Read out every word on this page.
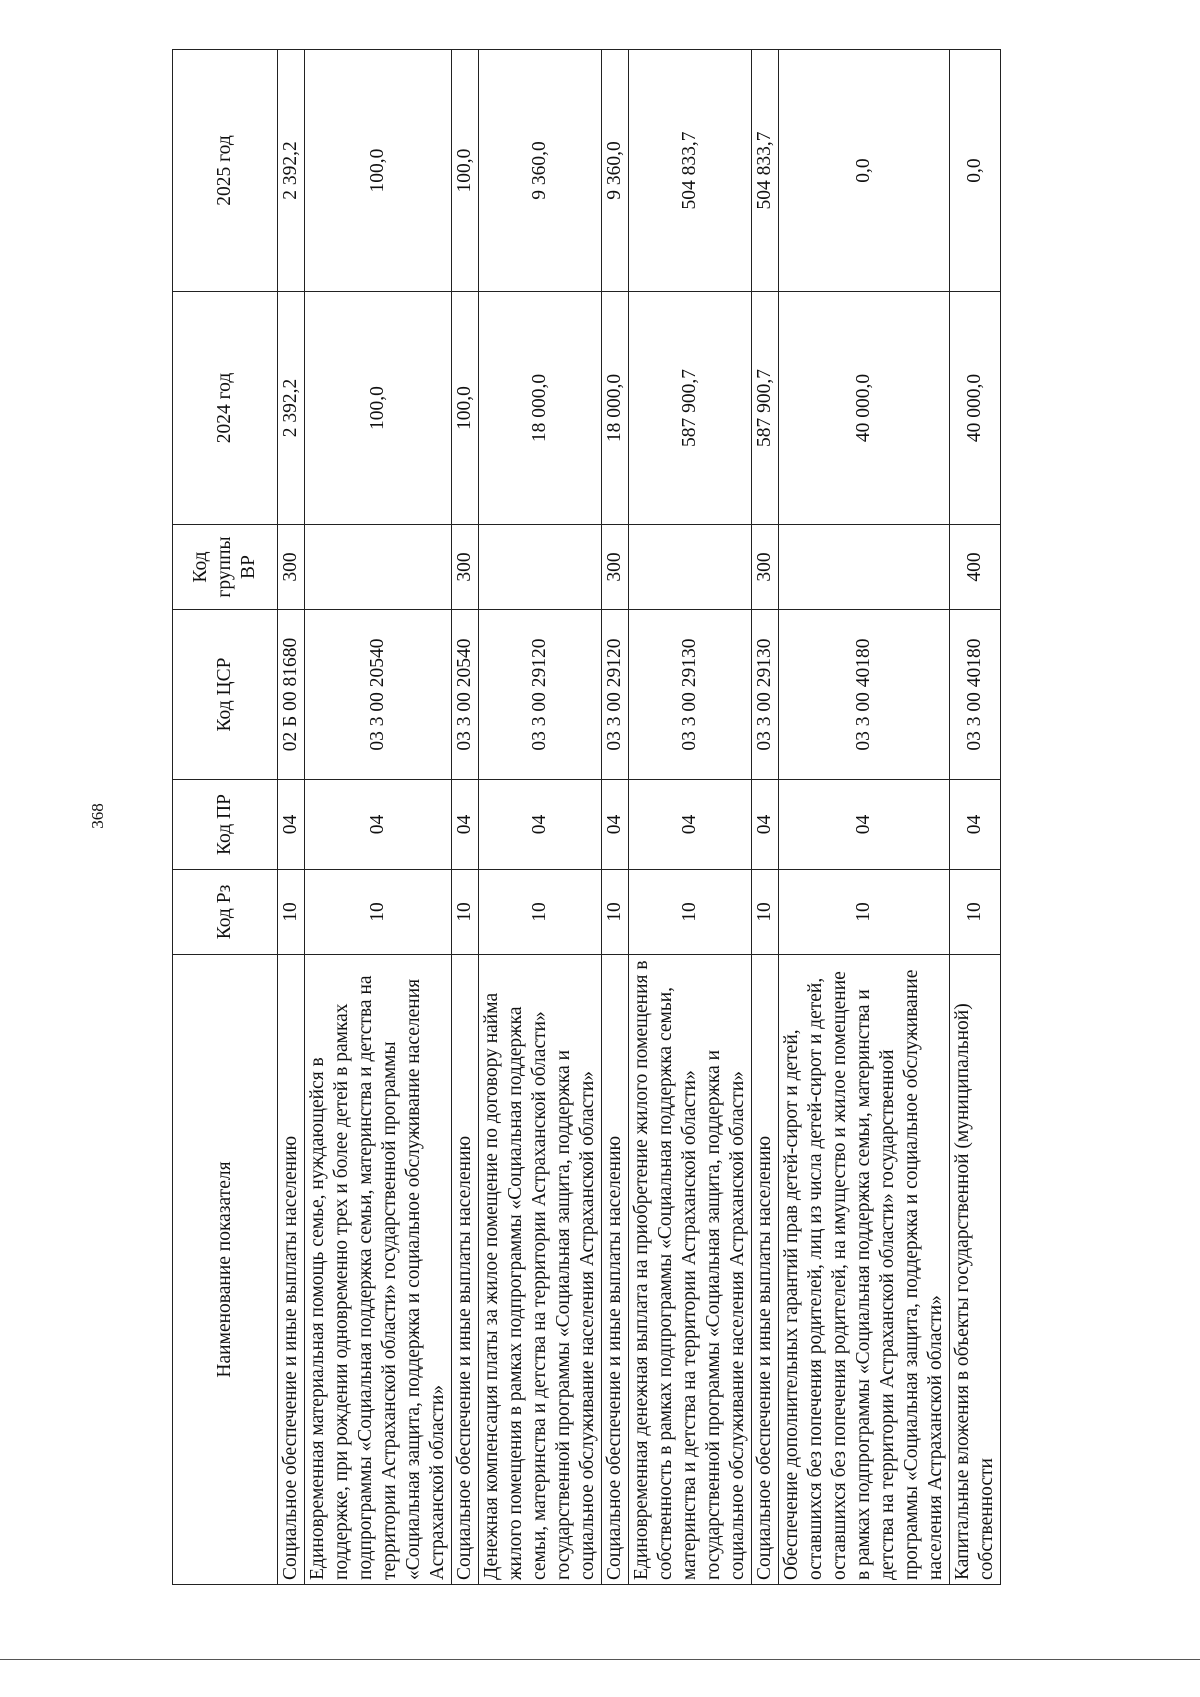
368
Наименование показателя	Код Рз	Код ПР	Код ЦСР	Код группы ВР	2024 год	2025 год
Социальное обеспечение и иные выплаты населению	10	04	02 Б 00 81680	300	2 392,2	2 392,2
Единовременная материальная помощь семье, нуждающейся в поддержке, при рождении одновременно трех и более детей в рамках подпрограммы «Социальная поддержка семьи, материнства и детства на территории Астраханской области» государственной программы «Социальная защита, поддержка и социальное обслуживание населения Астраханской области»	10	04	03 3 00 20540		100,0	100,0
Социальное обеспечение и иные выплаты населению	10	04	03 3 00 20540	300	100,0	100,0
Денежная компенсация платы за жилое помещение по договору найма жилого помещения в рамках подпрограммы «Социальная поддержка семьи, материнства и детства на территории Астраханской области» государственной программы «Социальная защита, поддержка и социальное обслуживание населения Астраханской области»	10	04	03 3 00 29120		18 000,0	9 360,0
Социальное обеспечение и иные выплаты населению	10	04	03 3 00 29120	300	18 000,0	9 360,0
Единовременная денежная выплата на приобретение жилого помещения в собственность в рамках подпрограммы «Социальная поддержка семьи, материнства и детства на территории Астраханской области» государственной программы «Социальная защита, поддержка и социальное обслуживание населения Астраханской области»	10	04	03 3 00 29130		587 900,7	504 833,7
Социальное обеспечение и иные выплаты населению	10	04	03 3 00 29130	300	587 900,7	504 833,7
Обеспечение дополнительных гарантий прав детей-сирот и детей, оставшихся без попечения родителей, лиц из числа детей-сирот и детей, оставшихся без попечения родителей, на имущество и жилое помещение в рамках подпрограммы «Социальная поддержка семьи, материнства и детства на территории Астраханской области» государственной программы «Социальная защита, поддержка и социальное обслуживание населения Астраханской области»	10	04	03 3 00 40180		40 000,0	0,0
Капитальные вложения в объекты государственной (муниципальной) собственности	10	04	03 3 00 40180	400	40 000,0	0,0
